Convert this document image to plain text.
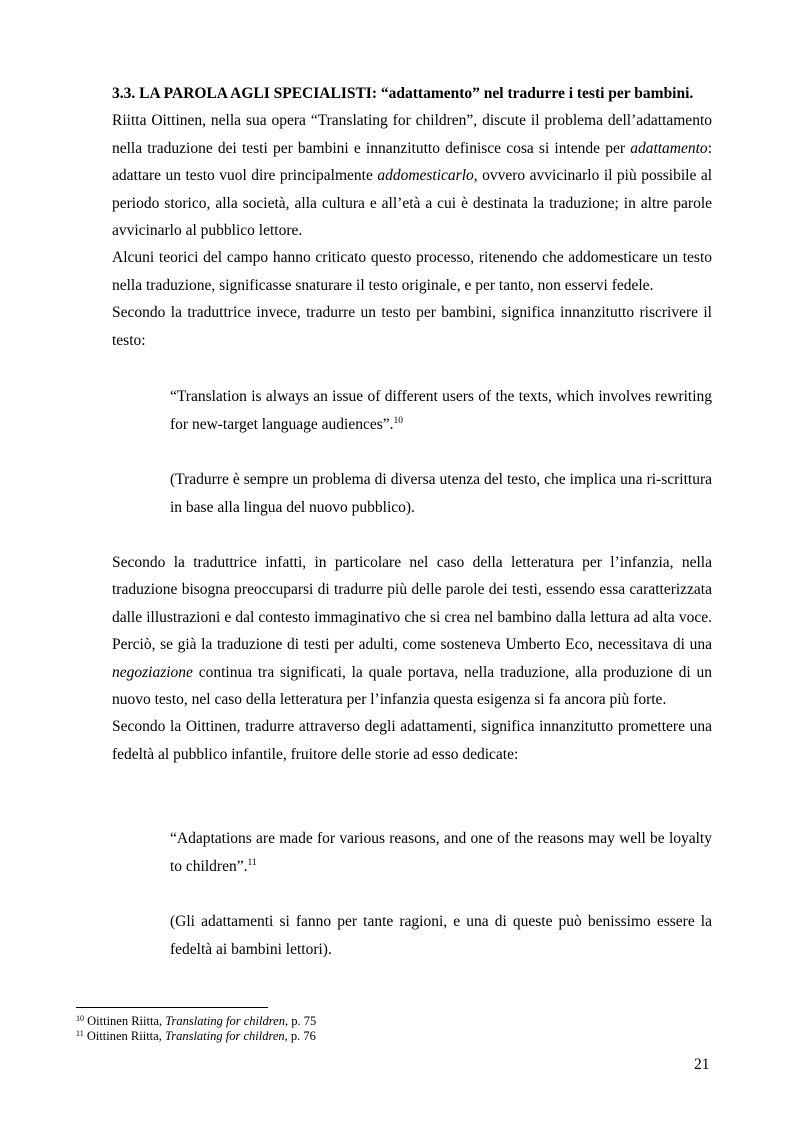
3.3. LA PAROLA AGLI SPECIALISTI: “adattamento” nel tradurre i testi per bambini.

Riitta Oittinen, nella sua opera “Translating for children”, discute il problema dell’adattamento nella traduzione dei testi per bambini e innanzitutto definisce cosa si intende per adattamento: adattare un testo vuol dire principalmente addomesticarlo, ovvero avvicinarlo il più possibile al periodo storico, alla società, alla cultura e all’età a cui è destinata la traduzione; in altre parole avvicinarlo al pubblico lettore.

Alcuni teorici del campo hanno criticato questo processo, ritenendo che addomesticare un testo nella traduzione, significasse snaturare il testo originale, e per tanto, non esservi fedele.

Secondo la traduttrice invece, tradurre un testo per bambini, significa innanzitutto riscrivere il testo:

“Translation is always an issue of different users of the texts, which involves rewriting for new-target language audiences”.$^{10}$

(Tradurre è sempre un problema di diversa utenza del testo, che implica una ri-scrittura in base alla lingua del nuovo pubblico).

Secondo la traduttrice infatti, in particolare nel caso della letteratura per l’infanzia, nella traduzione bisogna preoccuparsi di tradurre più delle parole dei testi, essendo essa caratterizzata dalle illustrazioni e dal contesto immaginativo che si crea nel bambino dalla lettura ad alta voce. Perciò, se già la traduzione di testi per adulti, come sosteneva Umberto Eco, necessitava di una negoziazione continua tra significati, la quale portava, nella traduzione, alla produzione di un nuovo testo, nel caso della letteratura per l’infanzia questa esigenza si fa ancora più forte.

Secondo la Oittinen, tradurre attraverso degli adattamenti, significa innanzitutto promettere una fedeltà al pubblico infantile, fruitore delle storie ad esso dedicate:

“Adaptations are made for various reasons, and one of the reasons may well be loyalty to children”.$^{11}$

(Gli adattamenti si fanno per tante ragioni, e una di queste può benissimo essere la fedeltà ai bambini lettori).

$^{10}$ Oittinen Riitta, Translating for children, p. 75
$^{11}$ Oittinen Riitta, Translating for children, p. 76
21
